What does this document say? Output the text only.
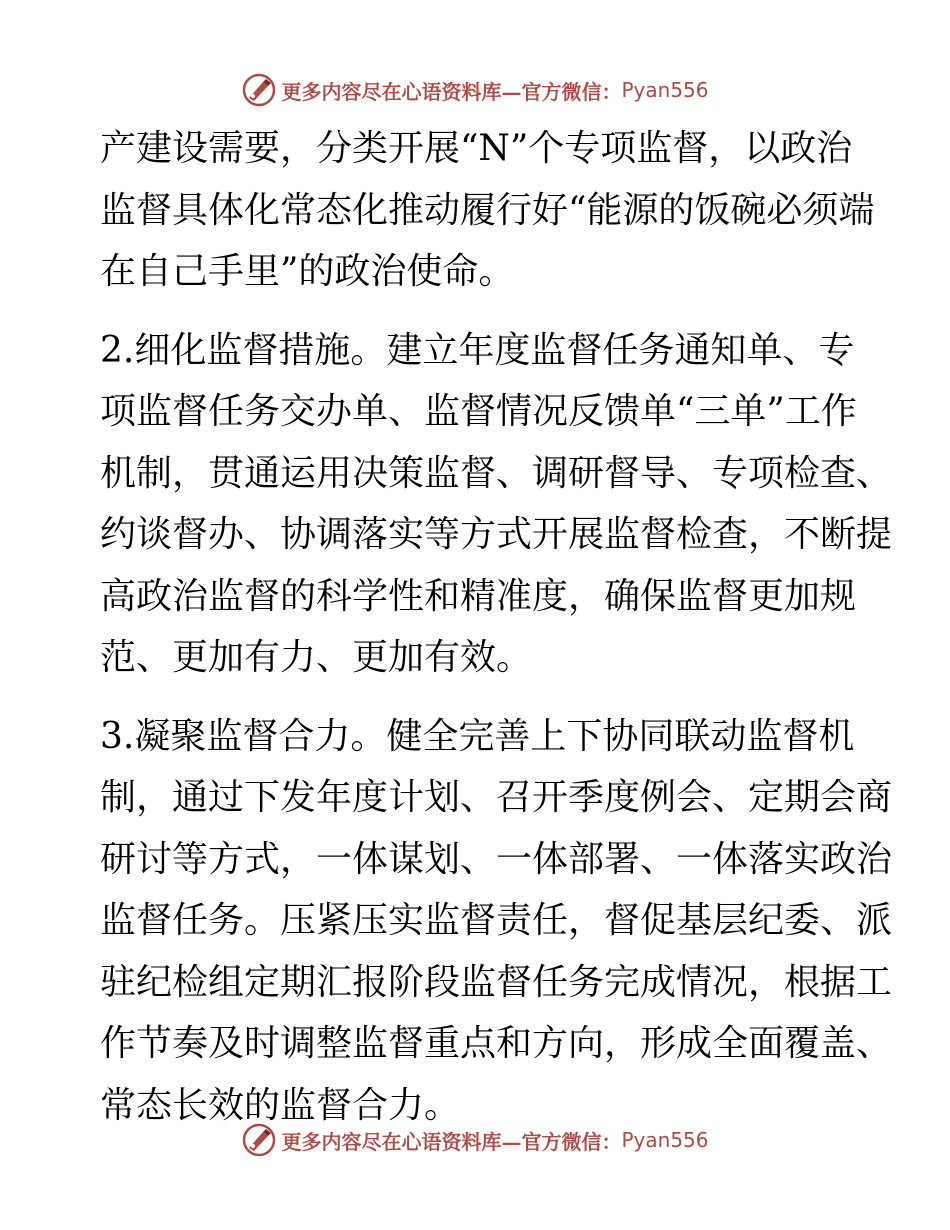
更多内容尽在心语资料库—官方微信： Pyan556
产建设需要，分类开展“N”个专项监督，以政治
监督具体化常态化推动履行好“能源的饭碗必须端
在自己手里”的政治使命。
2.细化监督措施。建立年度监督任务通知单、专
项监督任务交办单、监督情况反馈单“三单”工作
机制，贯通运用决策监督、调研督导、专项检查、
约谈督办、协调落实等方式开展监督检查，不断提
高政治监督的科学性和精准度，确保监督更加规
范、更加有力、更加有效。
3.凝聚监督合力。健全完善上下协同联动监督机
制，通过下发年度计划、召开季度例会、定期会商
研讨等方式，一体谋划、一体部署、一体落实政治
监督任务。压紧压实监督责任，督促基层纪委、派
驻纪检组定期汇报阶段监督任务完成情况，根据工
作节奏及时调整监督重点和方向，形成全面覆盖、
常态长效的监督合力。
更多内容尽在心语资料库—官方微信： Pyan556
